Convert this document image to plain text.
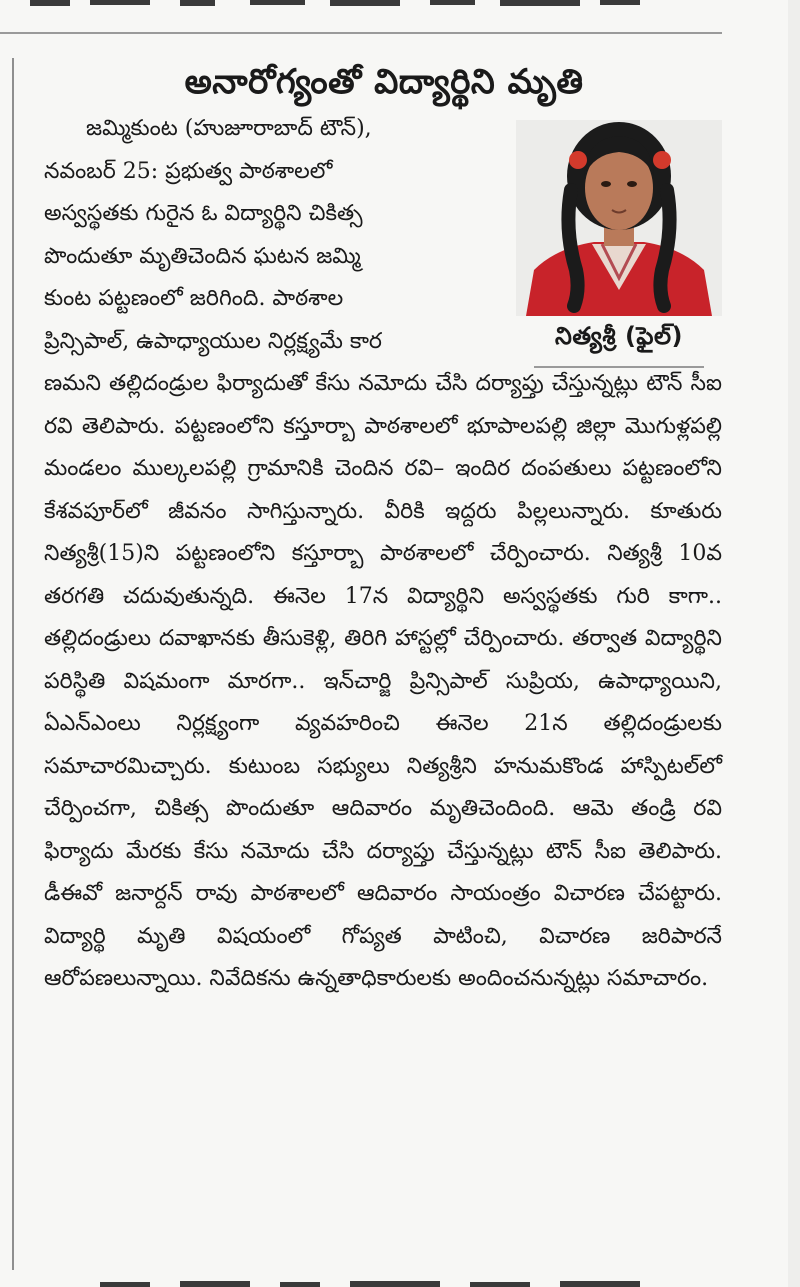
అనారోగ్యంతో విద్యార్థిని మృతి
నిత్యశ్రీ (ఫైల్)

జమ్మికుంట (హుజూరాబాద్ టౌన్),
నవంబర్ 25: ప్రభుత్వ పాఠశాలలో
అస్వస్థతకు గురైన ఓ విద్యార్థిని చికిత్స
పొందుతూ మృతిచెందిన ఘటన జమ్మి
కుంట పట్టణంలో జరిగింది. పాఠశాల
ప్రిన్సిపాల్, ఉపాధ్యాయుల నిర్లక్ష్యమే కార
ణమని తల్లిదండ్రుల ఫిర్యాదుతో కేసు నమోదు చేసి దర్యాప్తు చేస్తున్నట్లు టౌన్ సీఐ రవి తెలిపారు. పట్టణంలోని కస్తూర్బా పాఠశాలలో భూపాలపల్లి జిల్లా మొగుళ్లపల్లి మండలం ముల్కలపల్లి గ్రామానికి చెందిన రవి– ఇందిర దంపతులు పట్టణంలోని కేశవపూర్‌లో జీవనం సాగిస్తున్నారు. వీరికి ఇద్దరు పిల్లలున్నారు. కూతురు నిత్యశ్రీ(15)ని పట్టణంలోని కస్తూర్బా పాఠశాలలో చేర్పించారు. నిత్యశ్రీ 10వ తరగతి చదువుతున్నది. ఈనెల 17న విద్యార్థిని అస్వస్థతకు గురి కాగా.. తల్లిదండ్రులు దవాఖానకు తీసుకెళ్లి, తిరిగి హాస్టల్లో చేర్పించారు. తర్వాత విద్యార్థిని పరిస్థితి విషమంగా మారగా.. ఇన్‌చార్జి ప్రిన్సిపాల్ సుప్రియ, ఉపాధ్యాయిని, ఏఎన్‌ఎంలు నిర్లక్ష్యంగా వ్యవహరించి ఈనెల 21న తల్లిదండ్రులకు సమాచారమిచ్చారు. కుటుంబ సభ్యులు నిత్యశ్రీని హనుమకొండ హాస్పిటల్‌లో చేర్పించగా, చికిత్స పొందుతూ ఆదివారం మృతిచెందింది. ఆమె తండ్రి రవి ఫిర్యాదు మేరకు కేసు నమోదు చేసి దర్యాప్తు చేస్తున్నట్లు టౌన్ సీఐ తెలిపారు. డీఈవో జనార్దన్ రావు పాఠశాలలో ఆదివారం సాయంత్రం విచారణ చేపట్టారు. విద్యార్థి మృతి విషయంలో గోప్యత పాటించి, విచారణ జరిపారనే ఆరోపణలున్నాయి. నివేదికను ఉన్నతాధికారులకు అందించనున్నట్లు సమాచారం.
